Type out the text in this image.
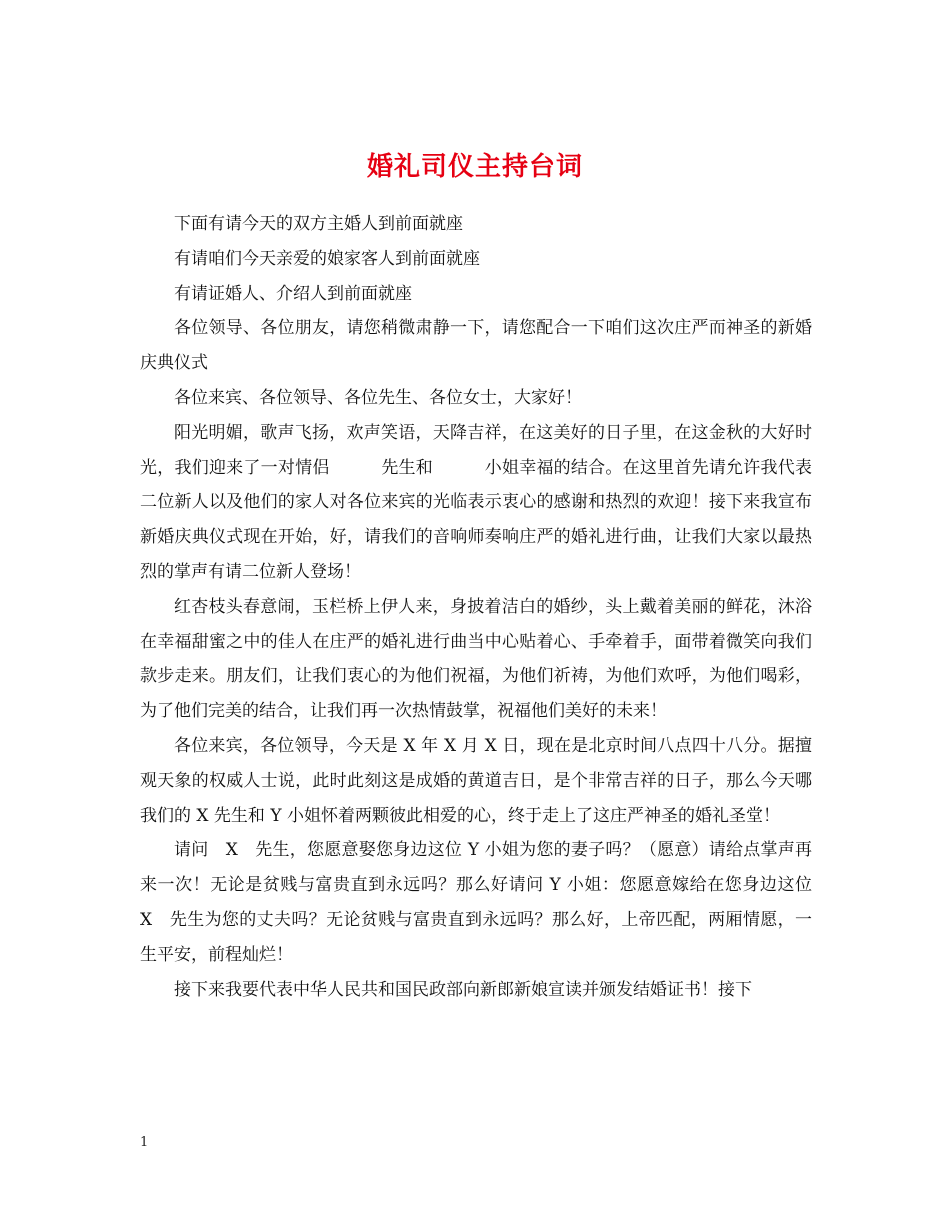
婚礼司仪主持台词

下面有请今天的双方主婚人到前面就座

有请咱们今天亲爱的娘家客人到前面就座

有请证婚人、介绍人到前面就座

各位领导、各位朋友，请您稍微肃静一下，请您配合一下咱们这次庄严而神圣的新婚庆典仪式

各位来宾、各位领导、各位先生、各位女士，大家好！

阳光明媚，歌声飞扬，欢声笑语，天降吉祥，在这美好的日子里，在这金秋的大好时光，我们迎来了一对情侣　　　先生和　　　小姐幸福的结合。在这里首先请允许我代表二位新人以及他们的家人对各位来宾的光临表示衷心的感谢和热烈的欢迎！接下来我宣布新婚庆典仪式现在开始，好，请我们的音响师奏响庄严的婚礼进行曲，让我们大家以最热烈的掌声有请二位新人登场！

红杏枝头春意闹，玉栏桥上伊人来，身披着洁白的婚纱，头上戴着美丽的鲜花，沐浴在幸福甜蜜之中的佳人在庄严的婚礼进行曲当中心贴着心、手牵着手，面带着微笑向我们款步走来。朋友们，让我们衷心的为他们祝福，为他们祈祷，为他们欢呼，为他们喝彩，为了他们完美的结合，让我们再一次热情鼓掌，祝福他们美好的未来！

各位来宾，各位领导，今天是 X 年 X 月 X 日，现在是北京时间八点四十八分。据擅观天象的权威人士说，此时此刻这是成婚的黄道吉日，是个非常吉祥的日子，那么今天哪我们的 X 先生和 Y 小姐怀着两颗彼此相爱的心，终于走上了这庄严神圣的婚礼圣堂！

请问　X　先生，您愿意娶您身边这位 Y 小姐为您的妻子吗？（愿意）请给点掌声再来一次！无论是贫贱与富贵直到永远吗？那么好请问 Y 小姐：您愿意嫁给在您身边这位　X　先生为您的丈夫吗？无论贫贱与富贵直到永远吗？那么好，上帝匹配，两厢情愿，一生平安，前程灿烂！

接下来我要代表中华人民共和国民政部向新郎新娘宣读并颁发结婚证书！接下

1
